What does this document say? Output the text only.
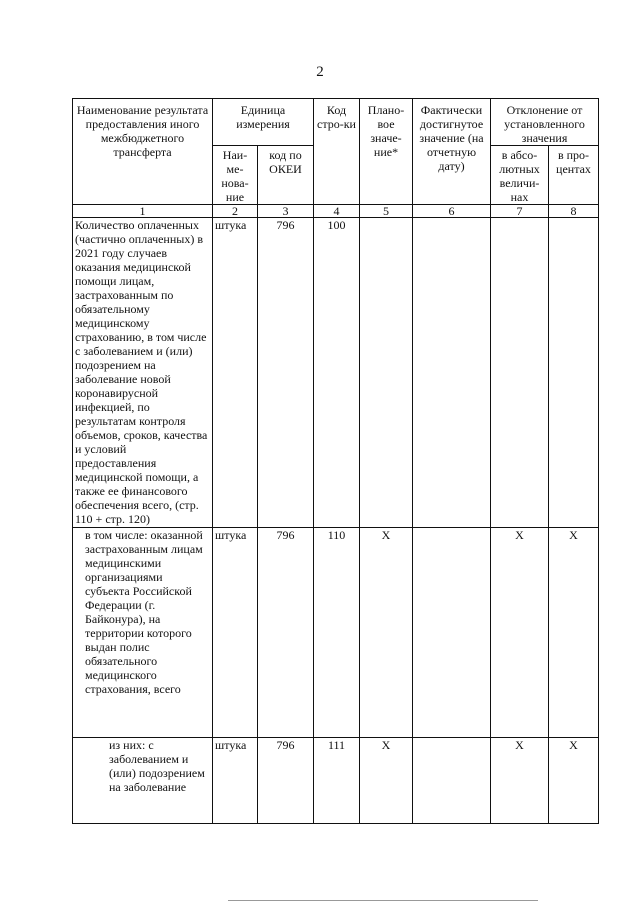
2
Наименование результата предоставления иного межбюджетного трансферта	Единица измерения		Код стро-ки	Плано-вое значе-ние*	Фактически достигнутое значение (на отчетную дату)	Отклонение от установленного значения	
	Наи-ме-нова-ние	код по ОКЕИ				в абсо-лютных величи-нах	в про-центах
1	2	3	4	5	6	7	8
Количество оплаченных (частично оплаченных) в 2021 году случаев оказания медицинской помощи лицам, застрахованным по обязательному медицинскому страхованию, в том числе с заболеванием и (или) подозрением на заболевание новой коронавирусной инфекцией, по результатам контроля объемов, сроков, качества и условий предоставления медицинской помощи, а также ее финансового обеспечения всего, (стр. 110 + стр. 120)	штука	796	100				
в том числе: оказанной застрахованным лицам медицинскими организациями субъекта Российской Федерации (г. Байконура), на территории которого выдан полис обязательного медицинского страхования, всего	штука	796	110	X		X	X
из них: с заболеванием и (или) подозрением на заболевание	штука	796	111	X		X	X
